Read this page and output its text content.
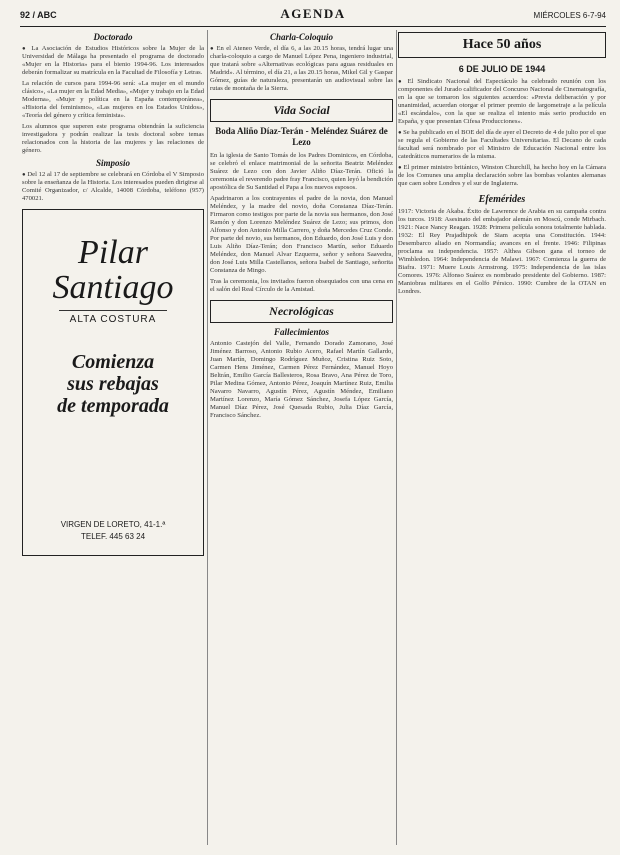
92 / ABC	AGENDA	MIÉRCOLES 6-7-94
Doctorado

● La Asociación de Estudios Históricos sobre la Mujer de la Universidad de Málaga ha presentado el programa de doctorado «Mujer en la Historia» para el bienio 1994-96. Los interesados deberán formalizar su matrícula en la Facultad de Filosofía y Letras.

La relación de cursos para 1994-96 será: «La mujer en el mundo clásico», «La mujer en la Edad Media», «Mujer y trabajo en la Edad Moderna», «Mujer y política en la España contemporánea», «Historia del feminismo», «Las mujeres en los Estados Unidos», «Teoría del género y crítica feminista».

Los alumnos que superen este programa obtendrán la suficiencia investigadora y podrán realizar la tesis doctoral sobre temas relacionados con la historia de las mujeres y las relaciones de género.

Simposio

● Del 12 al 17 de septiembre se celebrará en Córdoba el V Simposio sobre la enseñanza de la Historia. Los interesados pueden dirigirse al Comité Organizador, c/ Alcalde, 14008 Córdoba, teléfono (957) 470021.

Pilar
Santiago
ALTA COSTURA
Comienza
sus rebajas
de temporada
VIRGEN DE LORETO, 41-1.ª
TELEF. 445 63 24
Charla-Coloquio

● En el Ateneo Verde, el día 6, a las 20.15 horas, tendrá lugar una charla-coloquio a cargo de Manuel López Pena, ingeniero industrial, que tratará sobre «Alternativas ecológicas para aguas residuales en Madrid». Al término, el día 21, a las 20.15 horas, Mikel Gil y Gaspar Gómez, guías de naturaleza, presentarán un audiovisual sobre las rutas de montaña de la Sierra.

Vida Social
Boda Aliño Díaz-Terán - Meléndez Suárez de Lezo

En la iglesia de Santo Tomás de los Padres Dominicos, en Córdoba, se celebró el enlace matrimonial de la señorita Beatriz Meléndez Suárez de Lezo con don Javier Aliño Díaz-Terán. Ofició la ceremonia el reverendo padre fray Francisco, quien leyó la bendición apostólica de Su Santidad el Papa a los nuevos esposos.

Apadrinaron a los contrayentes el padre de la novia, don Manuel Meléndez, y la madre del novio, doña Constanza Díaz-Terán. Firmaron como testigos por parte de la novia sus hermanos, don José Ramón y don Lorenzo Meléndez Suárez de Lezo; sus primos, don Alfonso y don Antonio Milla Carrero, y doña Mercedes Cruz Conde. Por parte del novio, sus hermanos, don Eduardo, don José Luis y don Luis Aliño Díaz-Terán; don Francisco Martín, señor Eduardo Meléndez, don Manuel Alvar Ezquerra, señor y señora Saavedra, don José Luis Milla Castellanos, señora Isabel de Santiago, señorita Constanza de Mingo.

Tras la ceremonia, los invitados fueron obsequiados con una cena en el salón del Real Círculo de la Amistad.

Necrológicas
Fallecimientos

Antonio Castejón del Valle, Fernando Dorado Zamorano, José Jiménez Barroso, Antonio Rubio Acero, Rafael Martín Gallardo, Juan Martín, Domingo Rodríguez Muñoz, Cristina Ruiz Soto, Carmen Hens Jiménez, Carmen Pérez Fernández, Manuel Hoyo Beltrán, Emilio García Ballesteros, Rosa Bravo, Ana Pérez de Toro, Pilar Medina Gómez, Antonio Pérez, Joaquín Martínez Ruiz, Emilia Navarro Navarro, Agustín Pérez, Agustín Méndez, Emiliano Martínez Lorenzo, María Gómez Sánchez, Josefa López García, Manuel Díaz Pérez, José Quesada Rubio, Julia Díaz García, Francisco Sánchez.

Hace 50 años
6 DE JULIO DE 1944

● El Sindicato Nacional del Espectáculo ha celebrado reunión con los componentes del Jurado calificador del Concurso Nacional de Cinematografía, en la que se tomaron los siguientes acuerdos: «Previa deliberación y por unanimidad, acuerdan otorgar el primer premio de largometraje a la película «El escándalo», con la que se realiza el intento más serio producido en España, y que presentan Cifesa Producciones».

● Se ha publicado en el BOE del día de ayer el Decreto de 4 de julio por el que se regula el Gobierno de las Facultades Universitarias. El Decano de cada facultad será nombrado por el Ministro de Educación Nacional entre los catedráticos numerarios de la misma.

● El primer ministro británico, Winston Churchill, ha hecho hoy en la Cámara de los Comunes una amplia declaración sobre las bombas volantes alemanas que caen sobre Londres y el sur de Inglaterra.

Efemérides

1917: Victoria de Akaba. Éxito de Lawrence de Arabia en su campaña contra los turcos. 1918: Asesinato del embajador alemán en Moscú, conde Mirbach. 1921: Nace Nancy Reagan. 1928: Primera película sonora totalmente hablada. 1932: El Rey Prajadhipok de Siam acepta una Constitución. 1944: Desembarco aliado en Normandía; avances en el frente. 1946: Filipinas proclama su independencia. 1957: Althea Gibson gana el torneo de Wimbledon. 1964: Independencia de Malawi. 1967: Comienza la guerra de Biafra. 1971: Muere Louis Armstrong. 1975: Independencia de las islas Comores. 1976: Alfonso Suárez es nombrado presidente del Gobierno. 1987: Maniobras militares en el Golfo Pérsico. 1990: Cumbre de la OTAN en Londres.
